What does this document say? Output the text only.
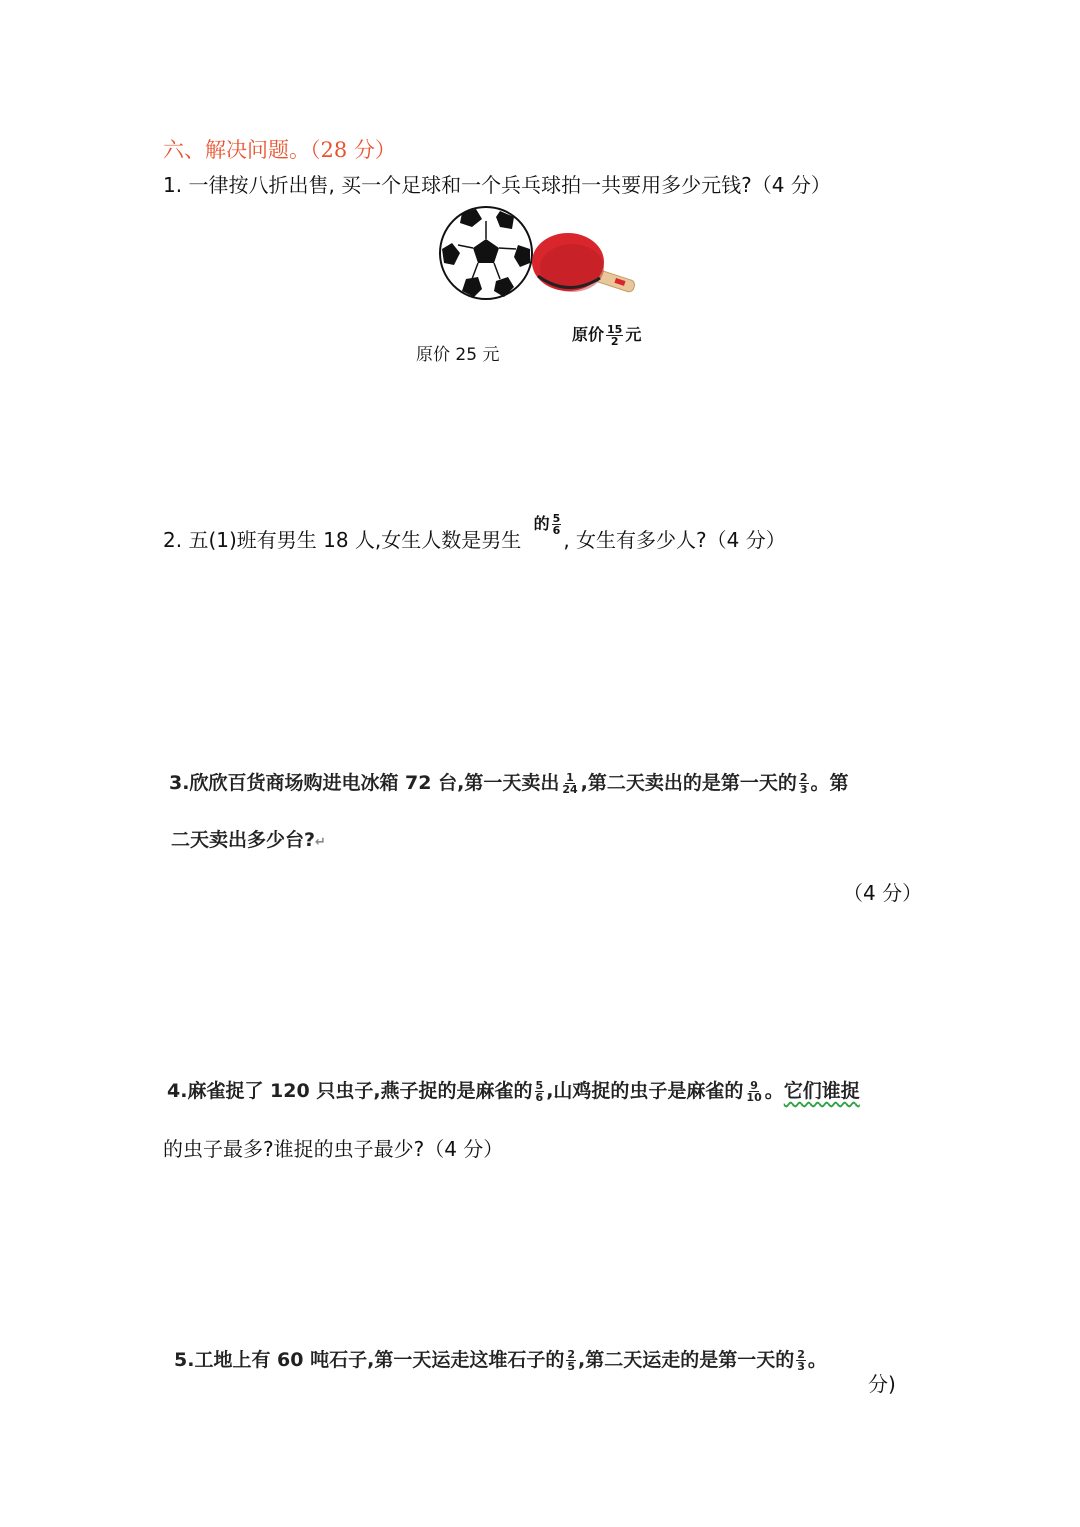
六、解决问题。（28 分）
1. 一律按八折出售, 买一个足球和一个兵乓球拍一共要用多少元钱?（4 分）
原价 25 元
原价 $\frac{15}{2}$ 元
2. 五(1)班有男生 18 人,女生人数是男生 $^{的 \frac{5}{6}}$
, 女生有多少人?（4 分）
3.欣欣百货商场购进电冰箱 72 台,第一天卖出 $\frac{1}{24}$ ,第二天卖出的是第一天的 $\frac{2}{3}$ 。第
二天卖出多少台?↵
（4 分）
4.麻雀捉了 120 只虫子,燕子捉的是麻雀的 $\frac{5}{6}$ ,山鸡捉的虫子是麻雀的 $\frac{9}{10}$ 。它们谁捉
的虫子最多?谁捉的虫子最少?（4 分）
5.工地上有 60 吨石子,第一天运走这堆石子的 $\frac{2}{5}$ ,第二天运走的是第一天的 $\frac{2}{3}$ 。
分)
